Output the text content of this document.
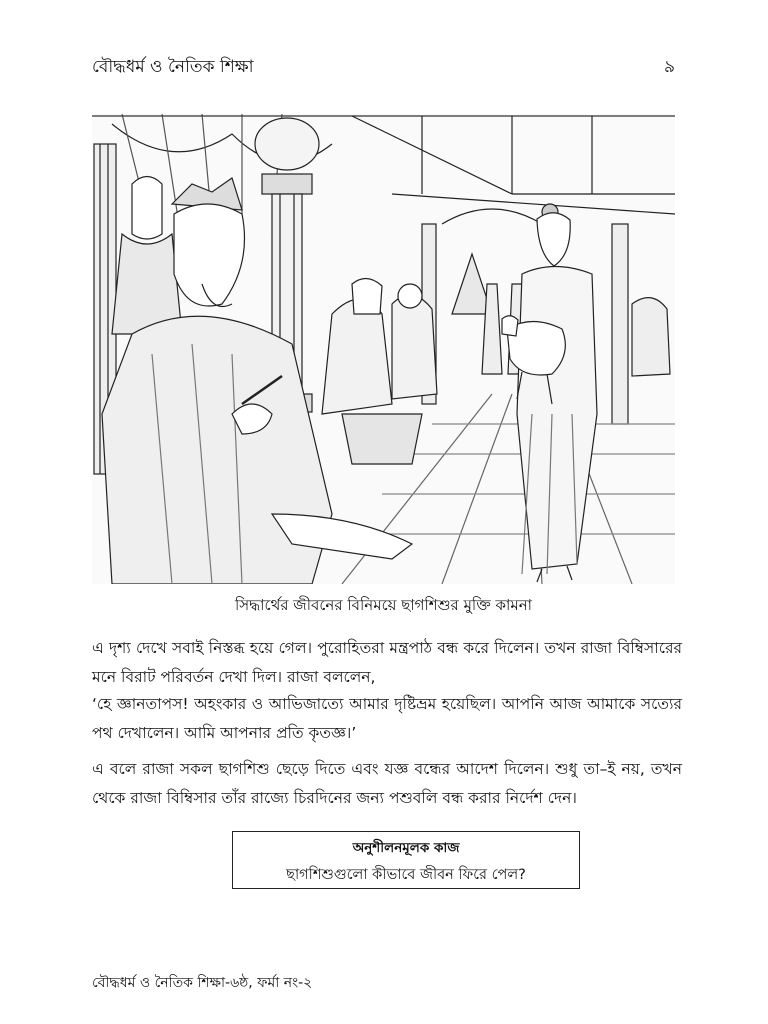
বৌদ্ধধর্ম ও নৈতিক শিক্ষা	৯
সিদ্ধার্থের জীবনের বিনিময়ে ছাগশিশুর মুক্তি কামনা

এ দৃশ্য দেখে সবাই নিস্তব্ধ হয়ে গেল। পুরোহিতরা মন্ত্রপাঠ বন্ধ করে দিলেন। তখন রাজা বিম্বিসারের মনে বিরাট পরিবর্তন দেখা দিল। রাজা বললেন,

‘হে জ্ঞানতাপস! অহংকার ও আভিজাত্যে আমার দৃষ্টিভ্রম হয়েছিল। আপনি আজ আমাকে সত্যের পথ দেখালেন। আমি আপনার প্রতি কৃতজ্ঞ।’

এ বলে রাজা সকল ছাগশিশু ছেড়ে দিতে এবং যজ্ঞ বন্ধের আদেশ দিলেন। শুধু তা–ই নয়, তখন থেকে রাজা বিম্বিসার তাঁর রাজ্যে চিরদিনের জন্য পশুবলি বন্ধ করার নির্দেশ দেন।

অনুশীলনমূলক কাজ
ছাগশিশুগুলো কীভাবে জীবন ফিরে পেল?
বৌদ্ধধর্ম ও নৈতিক শিক্ষা-৬ষ্ঠ, ফর্মা নং-২
